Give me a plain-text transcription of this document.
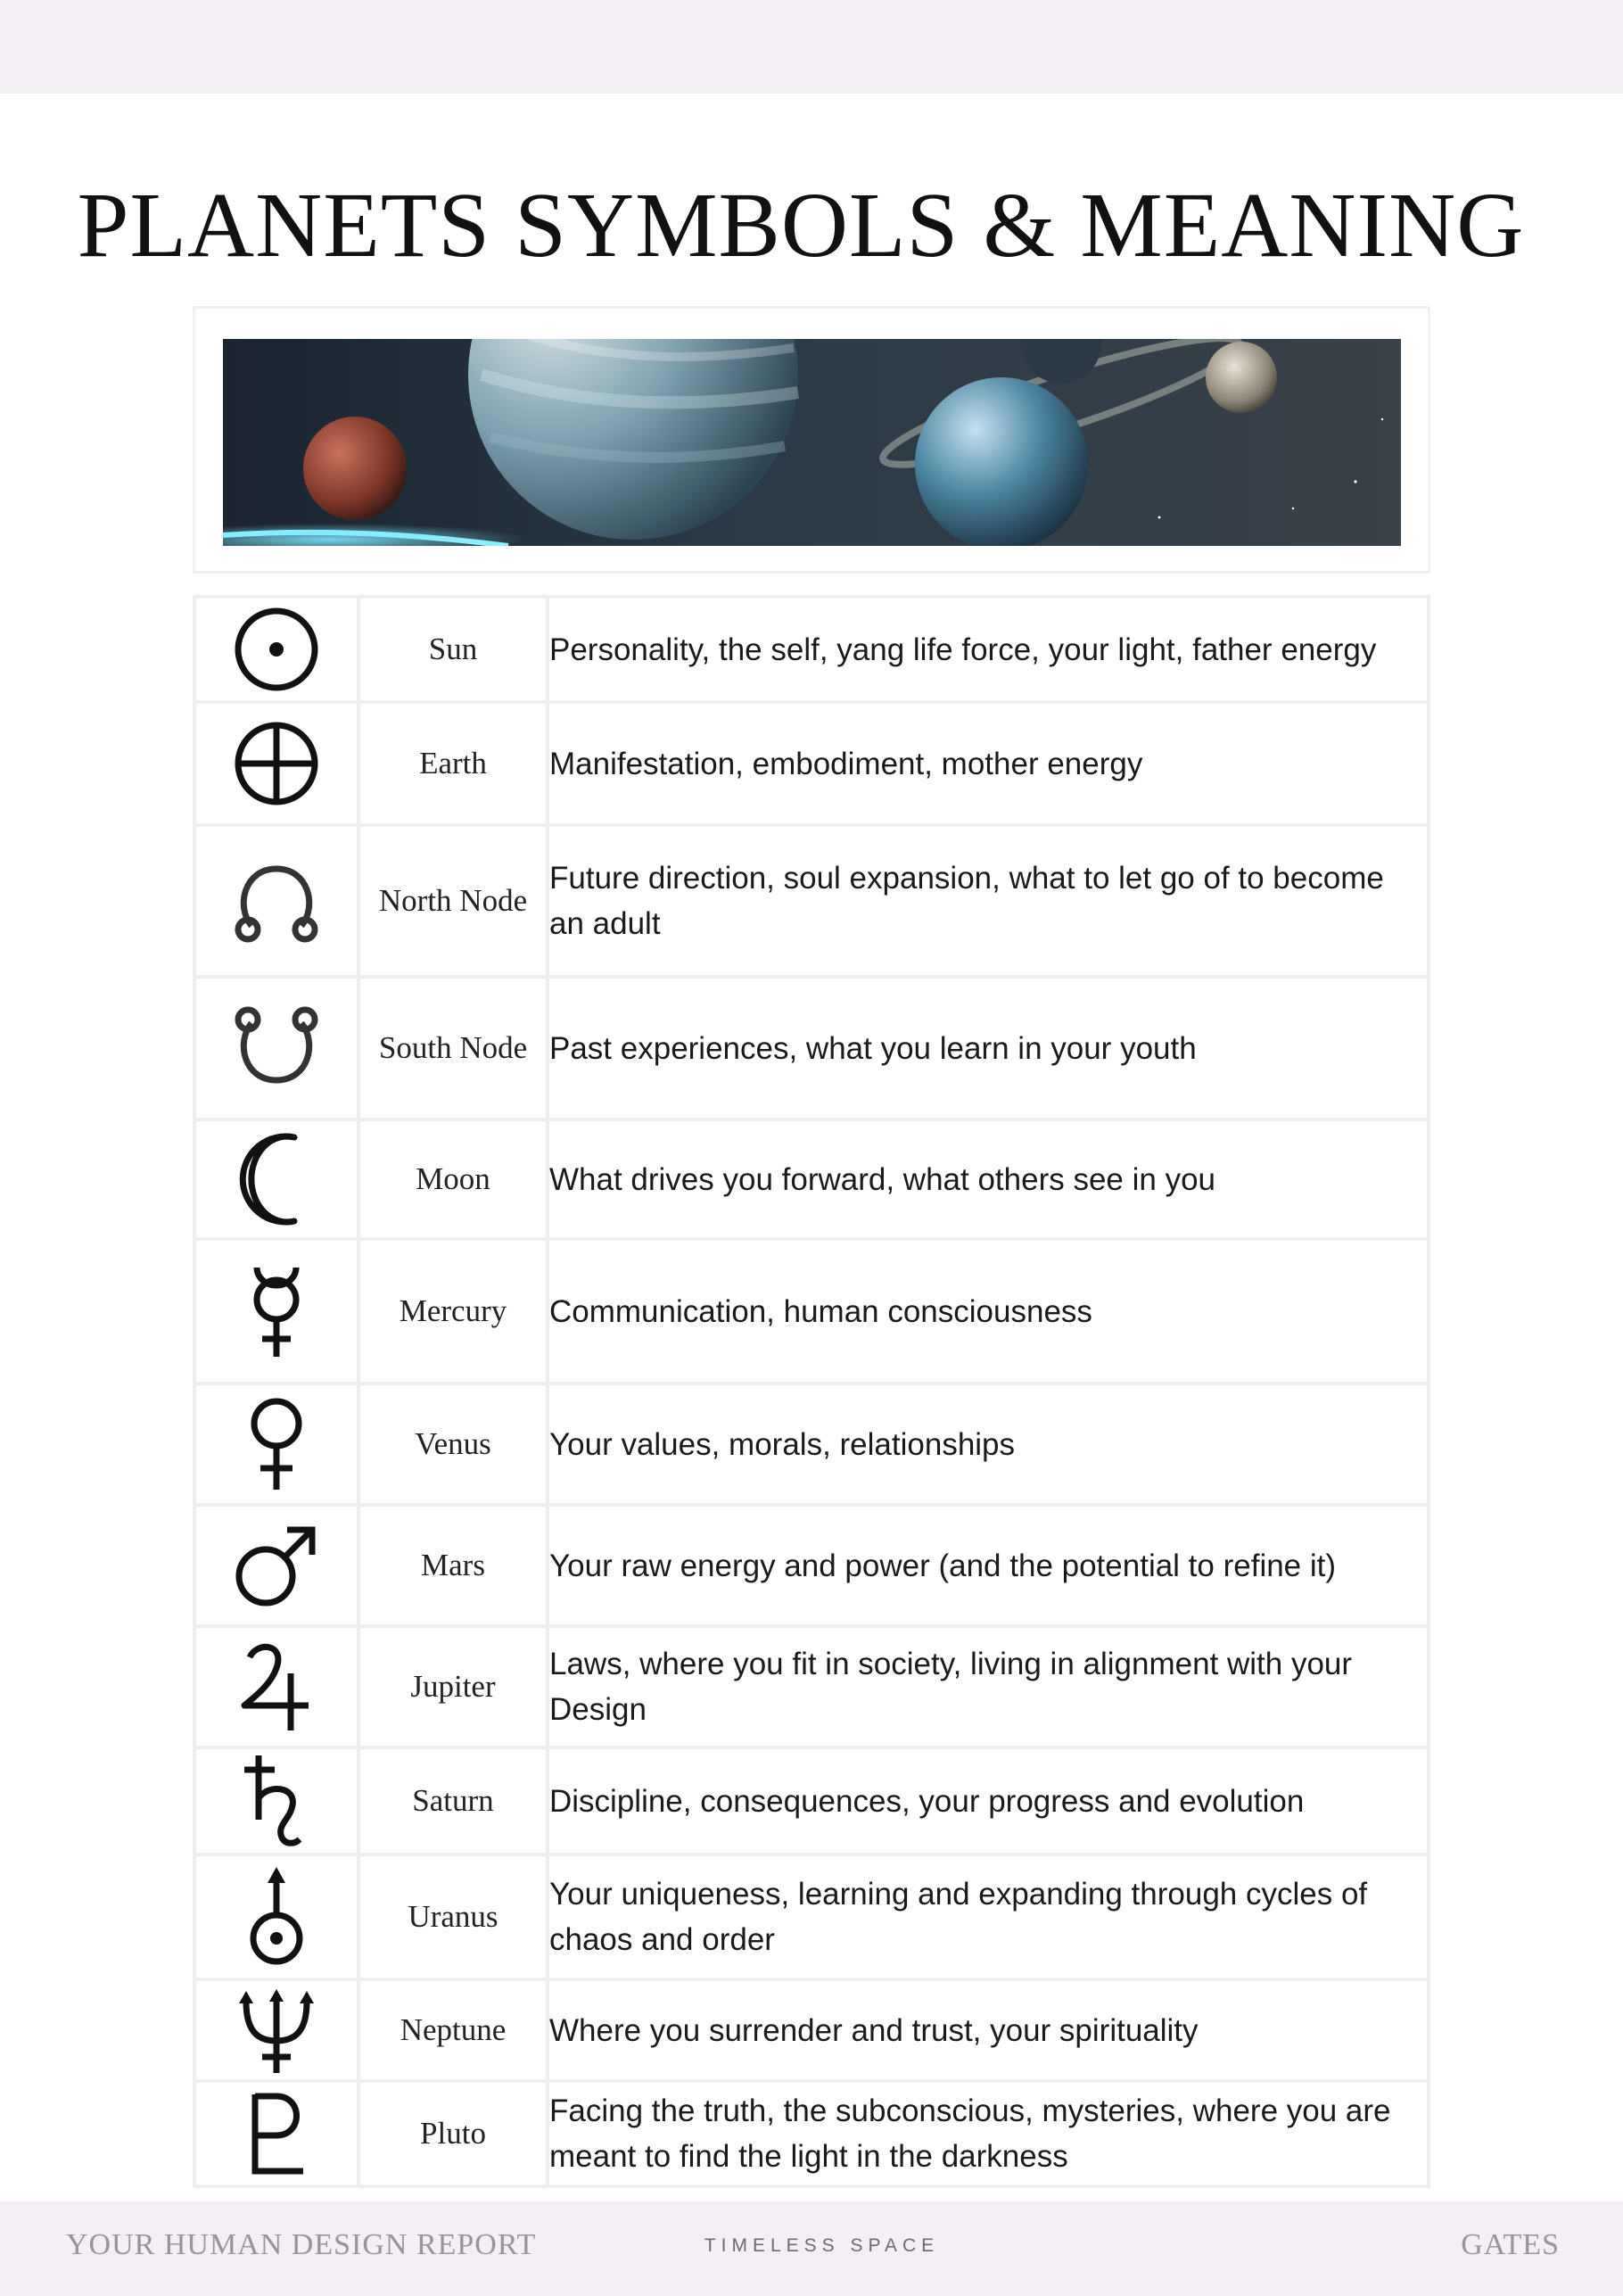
PLANETS SYMBOLS & MEANING
	Sun	Personality, the self, yang life force, your light, father energy

	Earth	Manifestation, embodiment, mother energy

	North Node	Future direction, soul expansion, what to let go of to become an adult

	South Node	Past experiences, what you learn in your youth

	Moon	What drives you forward, what others see in you

	Mercury	Communication, human consciousness

	Venus	Your values, morals, relationships

	Mars	Your raw energy and power (and the potential to refine it)

	Jupiter	Laws, where you fit in society, living in alignment with your Design

	Saturn	Discipline, consequences, your progress and evolution

	Uranus	Your uniqueness, learning and expanding through cycles of chaos and order

	Neptune	Where you surrender and trust, your spirituality

	Pluto	Facing the truth, the subconscious, mysteries, where you are meant to find the light in the darkness
YOUR HUMAN DESIGN REPORT	TIMELESS SPACE	GATES
